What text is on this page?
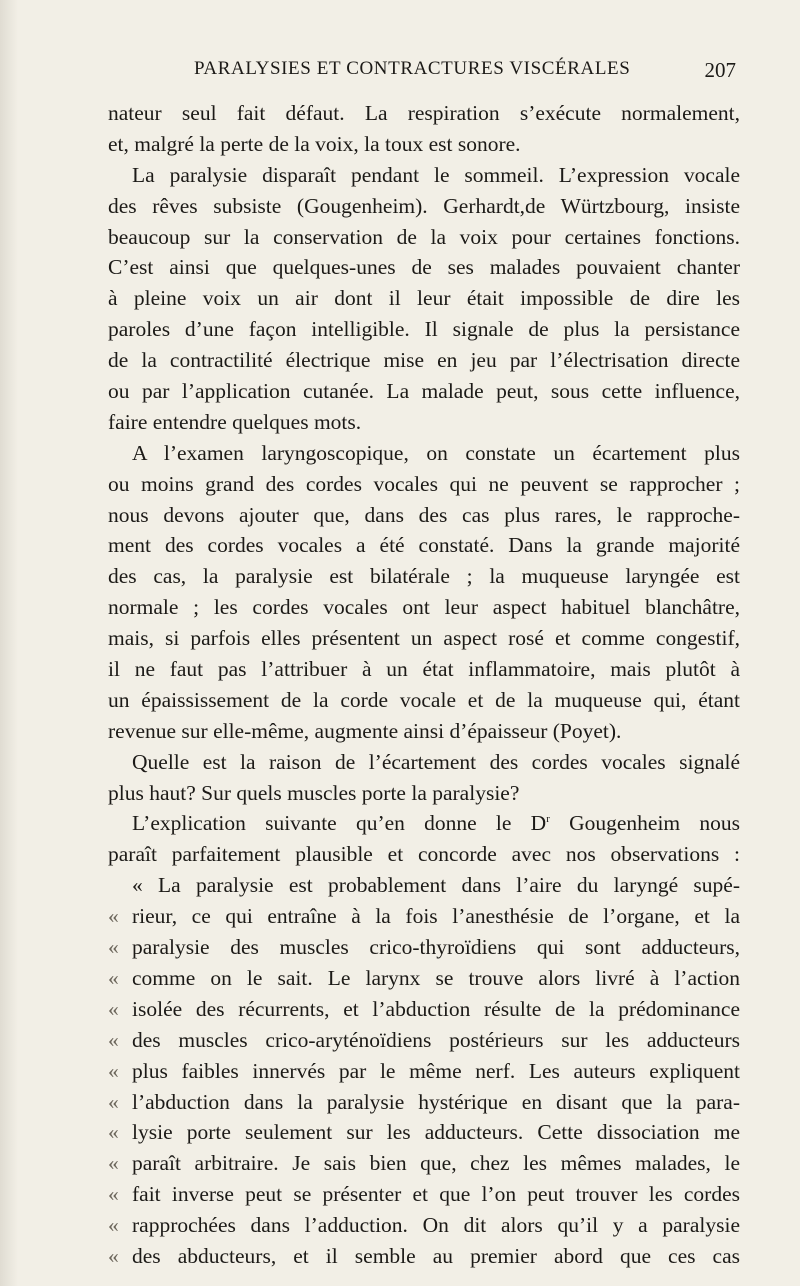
PARALYSIES ET CONTRACTURES VISCÉRALES	207
nateur seul fait défaut. La respiration s’exécute normalement,
et, malgré la perte de la voix, la toux est sonore.
La paralysie disparaît pendant le sommeil. L’expression vocale
des rêves subsiste (Gougenheim). Gerhardt,de Würtzbourg, insiste
beaucoup sur la conservation de la voix pour certaines fonctions.
C’est ainsi que quelques-unes de ses malades pouvaient chanter
à pleine voix un air dont il leur était impossible de dire les
paroles d’une façon intelligible. Il signale de plus la persistance
de la contractilité électrique mise en jeu par l’électrisation directe
ou par l’application cutanée. La malade peut, sous cette influence,
faire entendre quelques mots.
A l’examen laryngoscopique, on constate un écartement plus
ou moins grand des cordes vocales qui ne peuvent se rapprocher ;
nous devons ajouter que, dans des cas plus rares, le rapproche-
ment des cordes vocales a été constaté. Dans la grande majorité
des cas, la paralysie est bilatérale ; la muqueuse laryngée est
normale ; les cordes vocales ont leur aspect habituel blanchâtre,
mais, si parfois elles présentent un aspect rosé et comme congestif,
il ne faut pas l’attribuer à un état inflammatoire, mais plutôt à
un épaississement de la corde vocale et de la muqueuse qui, étant
revenue sur elle-même, augmente ainsi d’épaisseur (Poyet).
Quelle est la raison de l’écartement des cordes vocales signalé
plus haut? Sur quels muscles porte la paralysie?
L’explication suivante qu’en donne le $D^r$ Gougenheim nous
paraît parfaitement plausible et concorde avec nos observations :
« La paralysie est probablement dans l’aire du laryngé supé-
« rieur, ce qui entraîne à la fois l’anesthésie de l’organe, et la
« paralysie des muscles crico-thyroïdiens qui sont adducteurs,
« comme on le sait. Le larynx se trouve alors livré à l’action
« isolée des récurrents, et l’abduction résulte de la prédominance
« des muscles crico-aryténoïdiens postérieurs sur les adducteurs
« plus faibles innervés par le même nerf. Les auteurs expliquent
« l’abduction dans la paralysie hystérique en disant que la para-
« lysie porte seulement sur les adducteurs. Cette dissociation me
« paraît arbitraire. Je sais bien que, chez les mêmes malades, le
« fait inverse peut se présenter et que l’on peut trouver les cordes
« rapprochées dans l’adduction. On dit alors qu’il y a paralysie
« des abducteurs, et il semble au premier abord que ces cas
